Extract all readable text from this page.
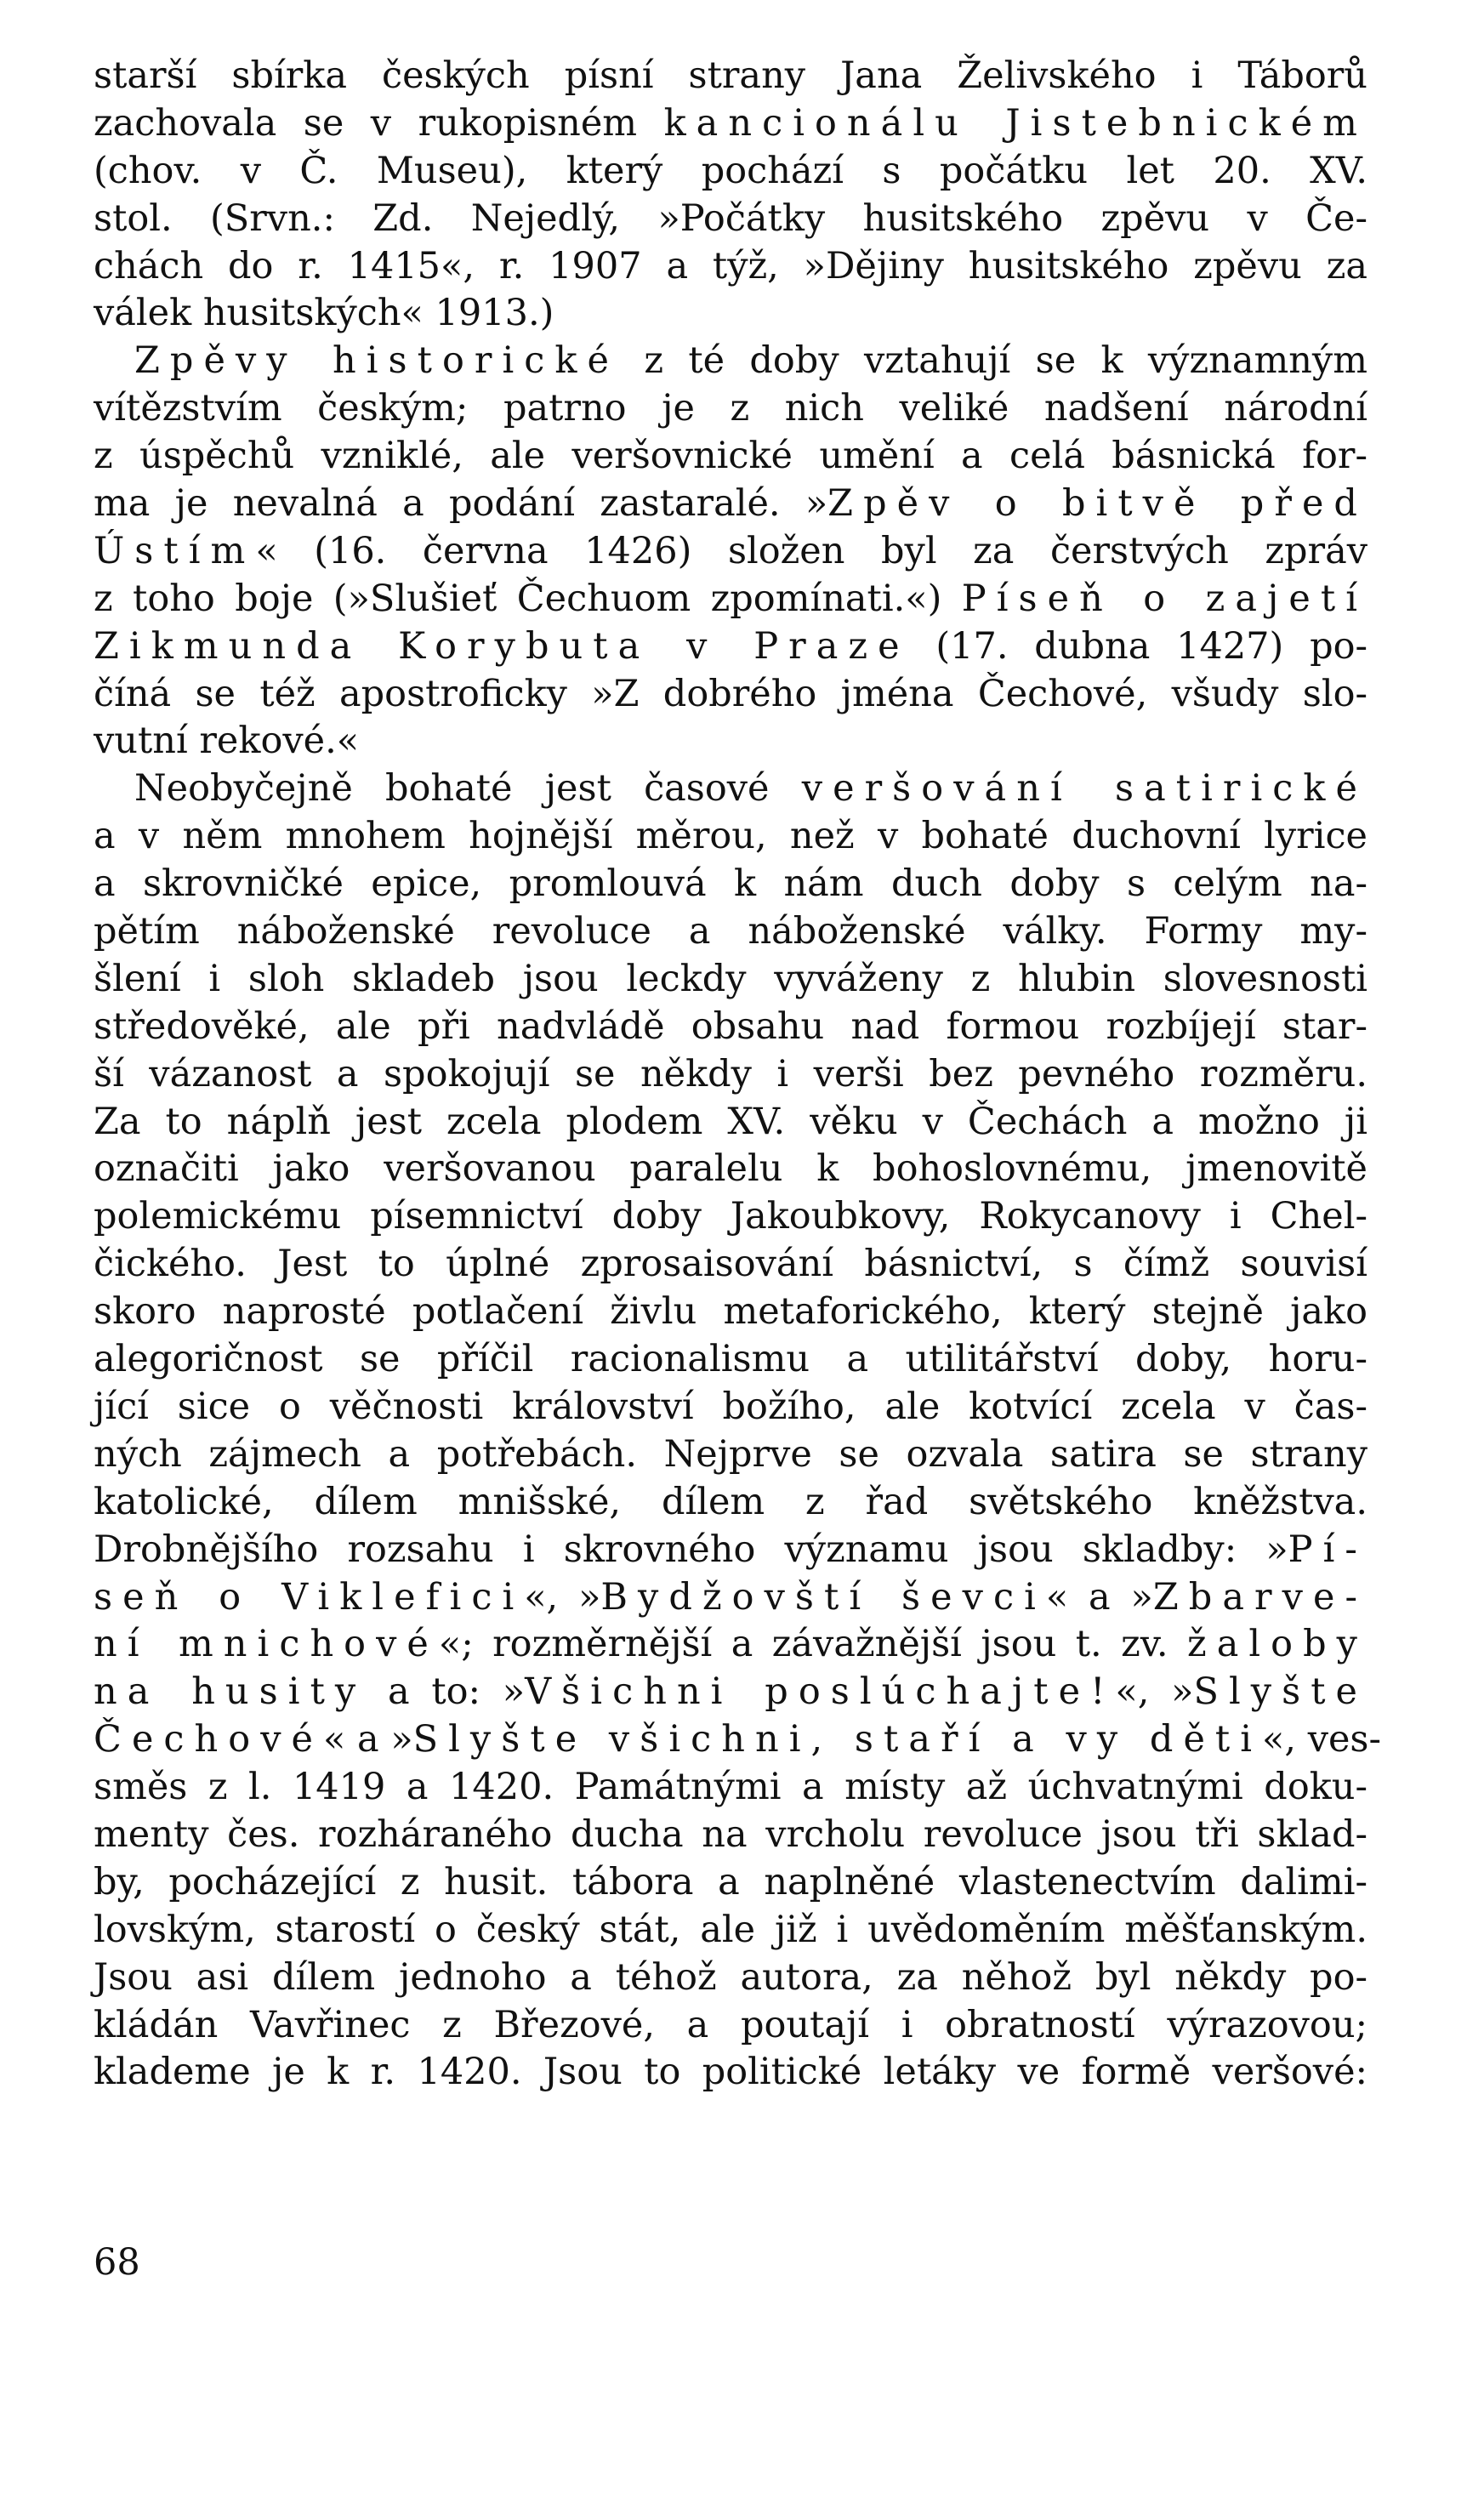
starší sbírka českých písní strany Jana Želivského i Táborů
zachovala se v rukopisném kancionálu Jistebnickém
(chov. v Č. Museu), který pochází s počátku let 20. XV.
stol. (Srvn.: Zd. Nejedlý, »Počátky husitského zpěvu v Če-
chách do r. 1415«, r. 1907 a týž, »Dějiny husitského zpěvu za
válek husitských« 1913.)
Zpěvy historické z té doby vztahují se k významným
vítězstvím českým; patrno je z nich veliké nadšení národní
z úspěchů vzniklé, ale veršovnické umění a celá básnická for-
ma je nevalná a podání zastaralé. »Zpěv o bitvě před
Ústím« (16. června 1426) složen byl za čerstvých zpráv
z toho boje (»Slušieť Čechuom zpomínati.«) Píseň o zajetí
Zikmunda Korybuta v Praze (17. dubna 1427) po-
číná se též apostroficky »Z dobrého jména Čechové, všudy slo-
vutní rekové.«
Neobyčejně bohaté jest časové veršování satirické
a v něm mnohem hojnější měrou, než v bohaté duchovní lyrice
a skrovničké epice, promlouvá k nám duch doby s celým na-
pětím náboženské revoluce a náboženské války. Formy my-
šlení i sloh skladeb jsou leckdy vyváženy z hlubin slovesnosti
středověké, ale při nadvládě obsahu nad formou rozbíjejí star-
ší vázanost a spokojují se někdy i verši bez pevného rozměru.
Za to náplň jest zcela plodem XV. věku v Čechách a možno ji
označiti jako veršovanou paralelu k bohoslovnému, jmenovitě
polemickému písemnictví doby Jakoubkovy, Rokycanovy i Chel-
čického. Jest to úplné zprosaisování básnictví, s čímž souvisí
skoro naprosté potlačení živlu metaforického, který stejně jako
alegoričnost se příčil racionalismu a utilitářství doby, horu-
jící sice o věčnosti království božího, ale kotvící zcela v čas-
ných zájmech a potřebách. Nejprve se ozvala satira se strany
katolické, dílem mnišské, dílem z řad světského kněžstva.
Drobnějšího rozsahu i skrovného významu jsou skladby: »Pí-
seň o Viklefici«, »Bydžovští ševci« a »Zbarve-
ní mnichové«; rozměrnější a závažnější jsou t. zv. žaloby
na husity a to: »Všichni poslúchajte!«, »Slyšte
Čechové« a »Slyšte všichni, staří a vy děti«, ves-
směs z l. 1419 a 1420. Památnými a místy až úchvatnými doku-
menty čes. rozháraného ducha na vrcholu revoluce jsou tři sklad-
by, pocházející z husit. tábora a naplněné vlastenectvím dalimi-
lovským, starostí o český stát, ale již i uvědoměním měšťanským.
Jsou asi dílem jednoho a téhož autora, za něhož byl někdy po-
kládán Vavřinec z Březové, a poutají i obratností výrazovou;
klademe je k r. 1420. Jsou to politické letáky ve formě veršové:
68
